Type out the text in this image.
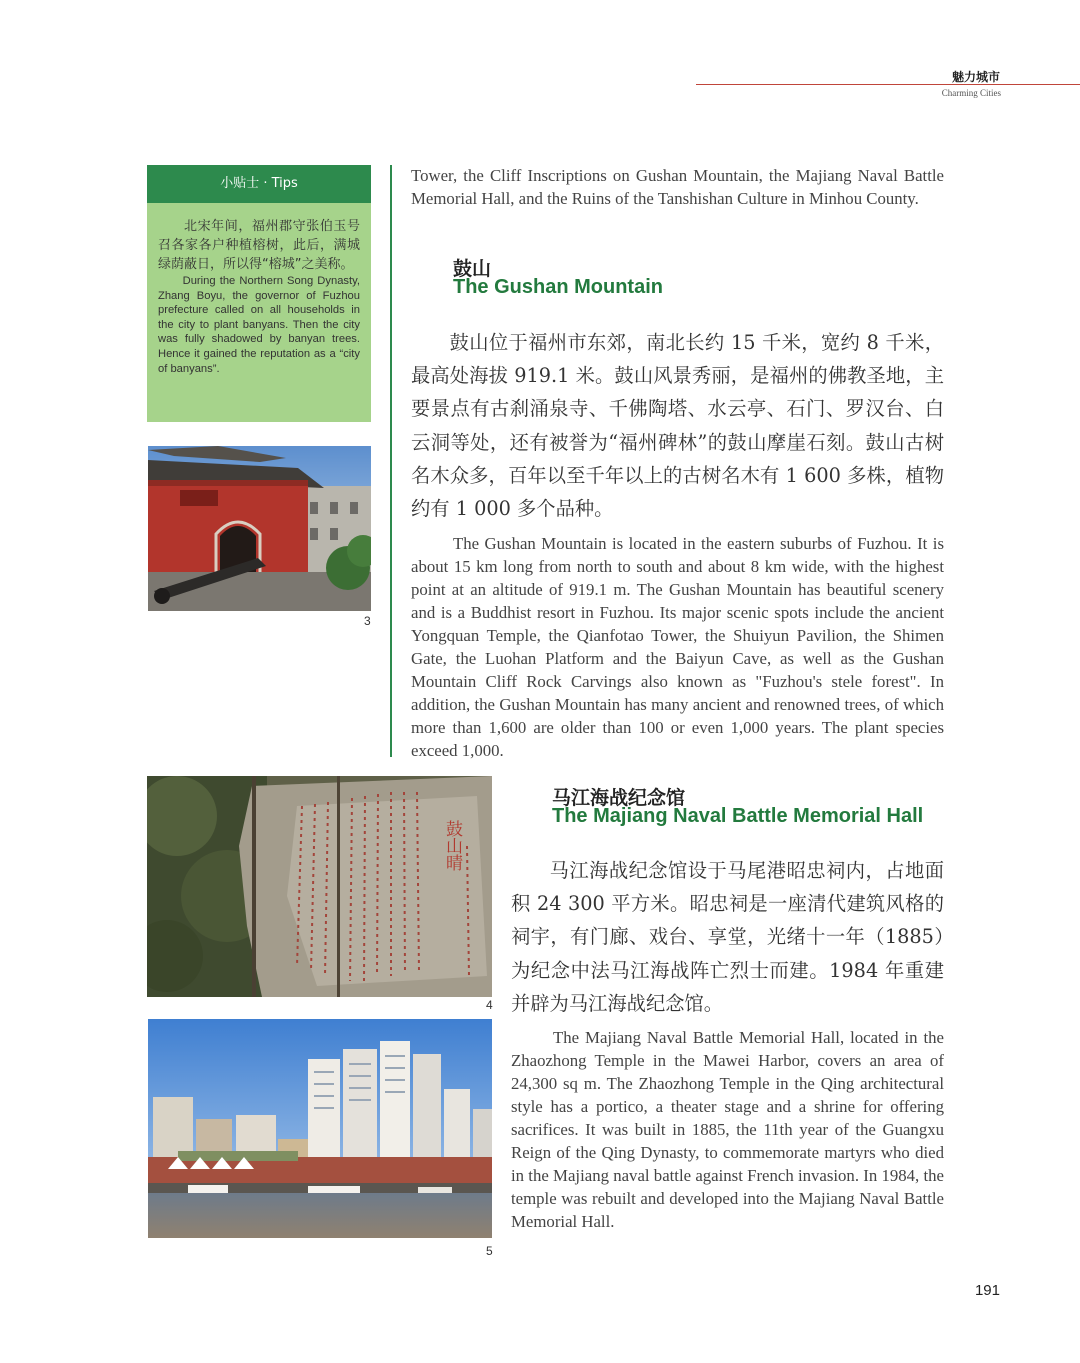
魅力城市
Charming Cities
小贴士 · Tips

北宋年间，福州郡守张伯玉号召各家各户种植榕树，此后，满城绿荫蔽日，所以得“榕城”之美称。

During the Northern Song Dynasty, Zhang Boyu, the governor of Fuzhou prefecture called on all households in the city to plant banyans. Then the city was fully shadowed by banyan trees. Hence it gained the reputation as a “city of banyans”.

3

Tower, the Cliff Inscriptions on Gushan Mountain, the Majiang Naval Battle Memorial Hall, and the Ruins of the Tanshishan Culture in Minhou County.

鼓山
The Gushan Mountain

鼓山位于福州市东郊，南北长约 15 千米，宽约 8 千米，最高处海拔 919.1 米。鼓山风景秀丽，是福州的佛教圣地，主要景点有古刹涌泉寺、千佛陶塔、水云亭、石门、罗汉台、白云洞等处，还有被誉为“福州碑林”的鼓山摩崖石刻。鼓山古树名木众多，百年以至千年以上的古树名木有 1 600 多株，植物约有 1 000 多个品种。

The Gushan Mountain is located in the eastern suburbs of Fuzhou. It is about 15 km long from north to south and about 8 km wide, with the highest point at an altitude of 919.1 m. The Gushan Mountain has beautiful scenery and is a Buddhist resort in Fuzhou. Its major scenic spots include the ancient Yongquan Temple, the Qianfotao Tower, the Shuiyun Pavilion, the Shimen Gate, the Luohan Platform and the Baiyun Cave, as well as the Gushan Mountain Cliff Rock Carvings also known as "Fuzhou's stele forest". In addition, the Gushan Mountain has many ancient and renowned trees, of which more than 1,600 are older than 100 or even 1,000 years. The plant species exceed 1,000.

鼓山晴
4
马江海战纪念馆
The Majiang Naval Battle Memorial Hall

马江海战纪念馆设于马尾港昭忠祠内，占地面积 24 300 平方米。昭忠祠是一座清代建筑风格的祠宇，有门廊、戏台、享堂，光绪十一年（1885）为纪念中法马江海战阵亡烈士而建。1984 年重建并辟为马江海战纪念馆。

The Majiang Naval Battle Memorial Hall, located in the Zhaozhong Temple in the Mawei Harbor, covers an area of 24,300 sq m. The Zhaozhong Temple in the Qing architectural style has a portico, a theater stage and a shrine for offering sacrifices. It was built in 1885, the 11th year of the Guangxu Reign of the Qing Dynasty, to commemorate martyrs who died in the Majiang naval battle against French invasion. In 1984, the temple was rebuilt and developed into the Majiang Naval Battle Memorial Hall.

5
191
